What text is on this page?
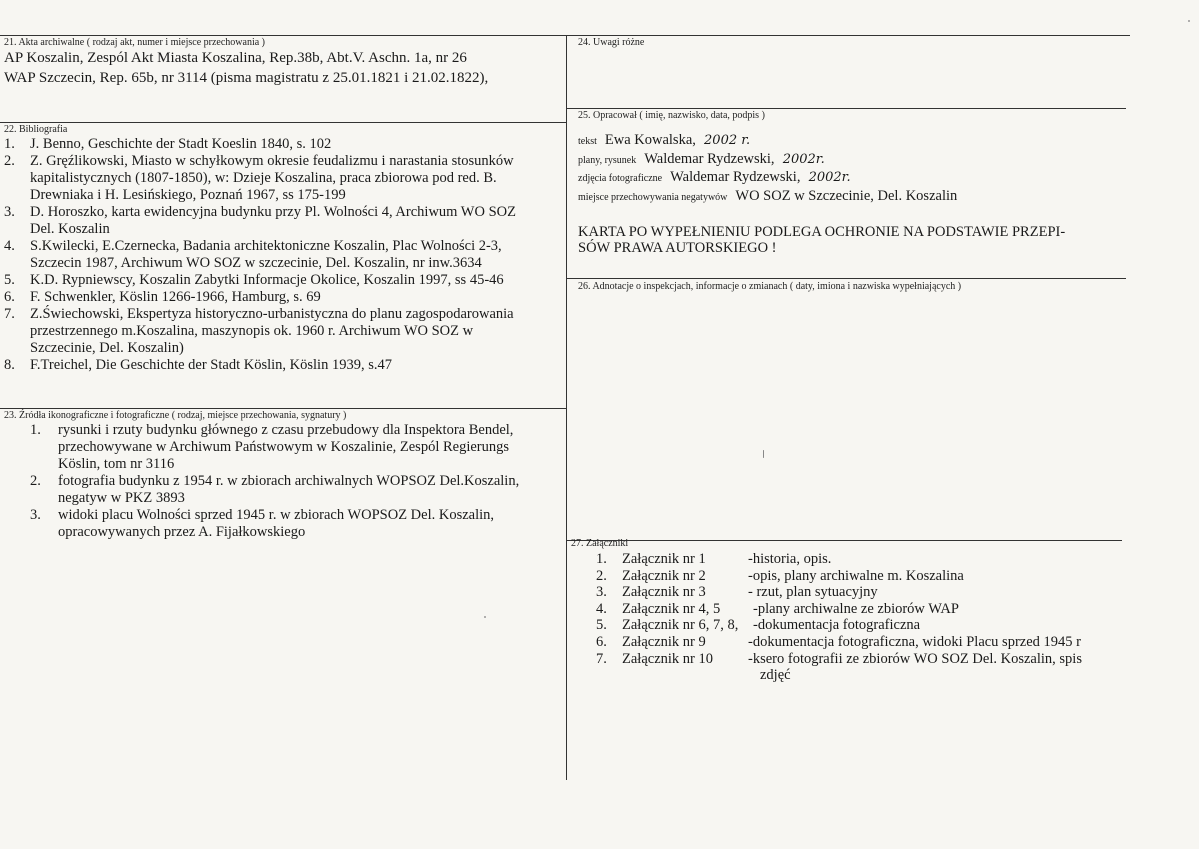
21. Akta archiwalne ( rodzaj akt, numer i miejsce przechowania )
AP Koszalin, Zespól Akt Miasta Koszalina, Rep.38b, Abt.V. Aschn. 1a, nr 26
WAP Szczecin, Rep. 65b, nr 3114 (pisma magistratu z 25.01.1821 i 21.02.1822),
22. Bibliografia
1. J. Benno, Geschichte der Stadt Koeslin 1840, s. 102
2. Z. Gręźlikowski, Miasto w schyłkowym okresie feudalizmu i narastania stosunków
kapitalistycznych (1807-1850), w: Dzieje Koszalina, praca zbiorowa pod red. B.
Drewniaka i H. Lesińskiego, Poznań 1967, ss 175-199
3. D. Horoszko, karta ewidencyjna budynku przy Pl. Wolności 4, Archiwum WO SOZ
Del. Koszalin
4. S.Kwilecki, E.Czernecka, Badania architektoniczne Koszalin, Plac Wolności 2-3,
Szczecin 1987, Archiwum WO SOZ w szczecinie, Del. Koszalin, nr inw.3634
5. K.D. Rypniewscy, Koszalin Zabytki Informacje Okolice, Koszalin 1997, ss 45-46
6. F. Schwenkler, Köslin 1266-1966, Hamburg, s. 69
7. Z.Świechowski, Ekspertyza historyczno-urbanistyczna do planu zagospodarowania
przestrzennego m.Koszalina, maszynopis ok. 1960 r. Archiwum WO SOZ w
Szczecinie, Del. Koszalin)
8. F.Treichel, Die Geschichte der Stadt Köslin, Köslin 1939, s.47
23. Źródła ikonograficzne i fotograficzne ( rodzaj, miejsce przechowania, sygnatury )
1. rysunki i rzuty budynku głównego z czasu przebudowy dla Inspektora Bendel,
przechowywane w Archiwum Państwowym w Koszalinie, Zespól Regierungs
Köslin, tom nr 3116
2. fotografia budynku z 1954 r. w zbiorach archiwalnych WOPSOZ Del.Koszalin,
negatyw w PKZ 3893
3. widoki placu Wolności sprzed 1945 r. w zbiorach WOPSOZ Del. Koszalin,
opracowywanych przez A. Fijałkowskiego
24. Uwagi różne
25. Opracował ( imię, nazwisko, data, podpis )
tekst Ewa Kowalska, 2002 r.
plany, rysunek Waldemar Rydzewski, 2002r.
zdjęcia fotograficzne Waldemar Rydzewski, 2002r.
miejsce przechowywania negatywów WO SOZ w Szczecinie, Del. Koszalin
KARTA PO WYPEŁNIENIU PODLEGA OCHRONIE NA PODSTAWIE PRZEPI-
SÓW PRAWA AUTORSKIEGO !
26. Adnotacje o inspekcjach, informacje o zmianach ( daty, imiona i nazwiska wypełniających )
27. Załączniki
1. Załącznik nr 1	-historia, opis.
2. Załącznik nr 2	-opis, plany archiwalne m. Koszalina
3. Załącznik nr 3	- rzut, plan sytuacyjny
4. Załącznik nr 4, 5 -plany archiwalne ze zbiorów WAP
5. Załącznik nr 6, 7, 8, -dokumentacja fotograficzna
6. Załącznik nr 9	-dokumentacja fotograficzna, widoki Placu sprzed 1945 r
7. Załącznik nr 10 -ksero fotografii ze zbiorów WO SOZ Del. Koszalin, spis
zdjęć
